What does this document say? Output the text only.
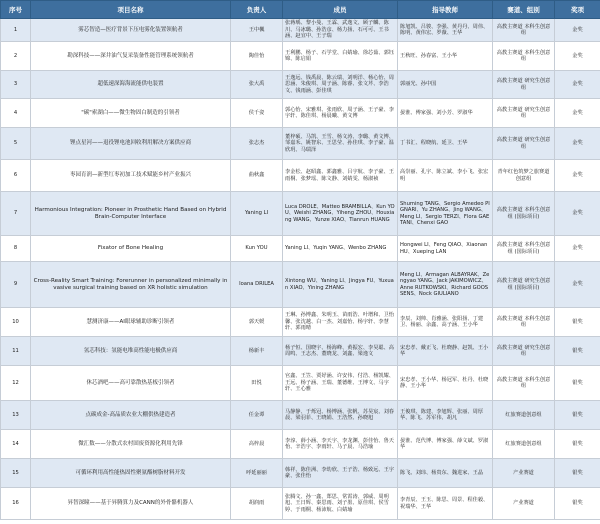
序号	项目名称	负责人	成员	指导教师	赛道、组别	奖项
1	雾芯智造—医疗背景下压电雾化装置领航者	王中楓	张蒋瑀、黎小曼、王霖、武逸文、顾子麟、陈川、马冰璐、孙浩彦、杨力扬、石可可、王书涵、赵宜中、王子瑞	陈旭凯、吕骏、李强、黄丹丹、周伟、陈明、黄伟宏、罗薇、王华	高教主赛道 本科生创意组	金奖
2	勘深科技——深井油气复采装备性能管理系统领航者	陶佳怡	王利鹏、杨子、石学堂、白婧瑜、徐芯茹、郭钰锦、陈启娟	王秋旺、孙春富、王小华	高教主赛道 本科生创意组	金奖
3	超低速深海海流能供电装置	张大禹	王逸远、钱禹晨、陈云瑞、刘明洋、杨心怡、周思涵、朱俊琪、周子涵、陈睿、张文芹、李浩文、钱雨涵、彭佳琪	郭丽光、孙中国	高教主赛道 研究生创意组	金奖
4	"碳"索湖白——微生物固白制造的引领者	侯千姿	郭心怡、宋雅琪、张雨欣、周子涵、王子豪、李宇轩、陈佳琪、杨晨曦、黄文博	晏淮、傅家强、刘小芳、罗淑华	高教主赛道 研究生创意组	金奖
5	锂点星河——退役锂电池回收利用解决方案供应商	张志杰	董梓硕、马凯、王雪、杨文涛、李璐、黄文博、邹嘉禾、姚智东、王思莹、孙佳琪、李子豪、温欣玥、马瑞泽	丁书汇、程晓航、延卫、王华	高教主赛道 研究生创意组	金奖
6	枣园育润—新型红枣初加工技术赋能乡村产业振兴	曲秋鑫	李金松、赵昭鑫、郭鑫雅、吕宇航、李子豪、王雨桐、张梦瑶、陈文静、刘婧雯、杨淑祯	高崇丽、孔宇、陈立斌、李小飞、张宏明	青年红色筑梦之旅赛道创意组	金奖
7	Harmonious Integration: Pioneer in Prosthetic Hand Based on Hybrid Brain-Computer Interface	Yaning LI	Luca DROLE、Matteo BRAMBILLA、Kun YOU、Weishi ZHANG、Yiheng ZHOU、Houxiang WANG、Yunze XIAO、Tianrun HUANG	Shuming TANG、Sergio Amedeo PIGNARI、Yu ZHANG、Jing WANG、Meng LI、Sergio TERZI、Flora GAETANI、Chenxi GAO	高教主赛道 本科生创意组 (国际项目)	金奖
8	Fixator of Bone Healing	Kun YOU	Yaning LI、Yuqin YANG、Wenbo ZHANG	Hongwei LI、Feng QIAO、Xiaonan HU、Xueping LAN	高教主赛道 本科生创意组 (国际项目)	金奖
9	Cross-Reality Smart Training: Forerunner in personalized minimally invasive surgical training based on XR holistic simulation	Ioana DRILEA	Xintong WU、Yaning LI、Jingya FU、Yuxuan XIAO、Yining ZHANG	Meng LI、Armagan ALBAYRAK、Zengyao YANG、Jack JAKIMOWICZ、Anne RUTKOWSKI、Richard GOOSSENS、Nock GIULIANO	高教主赛道 研究生创意组 (国际项目)	金奖
10	慧测济康——AI眼球辅助诊断引领者	郭天媛	王琳、孙博鑫、朱明玉、苗雨浩、叶增和、卫怡馨、张沈越、白一杰、刘嘉怡、杨宇轩、李慧轩、郭雨晴	李辰、刘帅、肖雅涵、张阳扬、丁建卫、杨丽、余鑫、高子涵、王小华	高教主赛道 本科生创意组	银奖
11	氢芯科技：氢能电堆高性能电极供应商	杨新丰	杨子恒、国晓宇、杨海峰、黄振宏、李昊聪、高周鸣、王志杰、董晓龙、刘鑫、梁逸文	宋忠孝、戴正飞、杜晓静、赵凯、王小华	高教主赛道 研究生创意组	银奖
12	休芯酒吧——高可靠散热基板引领者	田悦	官鑫、王笠、贾妤涵、许安伟、付浩、杨凯耀、王远、杨子涵、王瑞、董德维、王博文、马宇轩、王心雅	宋忠孝、王小华、杨冠军、杜丹、杜晓静、王小华	高教主赛道 本科生创意组	银奖
13	点碳成金-高品质农业大棚供热建造者	任金谭	马静静、于烁冠、杨博涵、张帆、苏昊宸、刘春晨、梁羽菲、王晓娟、王浩然、孙晓旭	王俊琪、陈建、李旭辉、张丽、周厚华、陈飞、苏军伟、胡凡	红旅赛道创意组	银奖
14	微汇数——分散式农村固废资源化利用先锋	高梓晨	李淳、薛小涵、李天宇、李龙渊、彭佳怡、鲁天怡、辛浩宇、李雨轩、马子晨、马浩瑜	晏淮、范代博、傅家强、薛文斌、罗淑华	红旅赛道创意组	银奖
15	可循环利用高性能热固性聚氨酯树脂材料开发	呼延丽丽	韩祥、陈佳洲、李幼欣、王子浩、杨致远、王宇豪、张佳怡	陈飞、刘玮、杨贵东、魏进家、王晶	产业赛道	银奖
16	昇智深瞳——基于昇腾算力及CANN的外骨骼机器人	胡润雨	张腾文、孙一鑫、郑思、常霄涛、郭威、周明旭、王日辉、秦思雨、刘子墨、原佳琪、侯雪婷、于雨桐、杨沛航、白婧瑜	李青辰、王玉、陈思、周景、程佳毅、祝瑞华、王华	产业赛道	银奖
